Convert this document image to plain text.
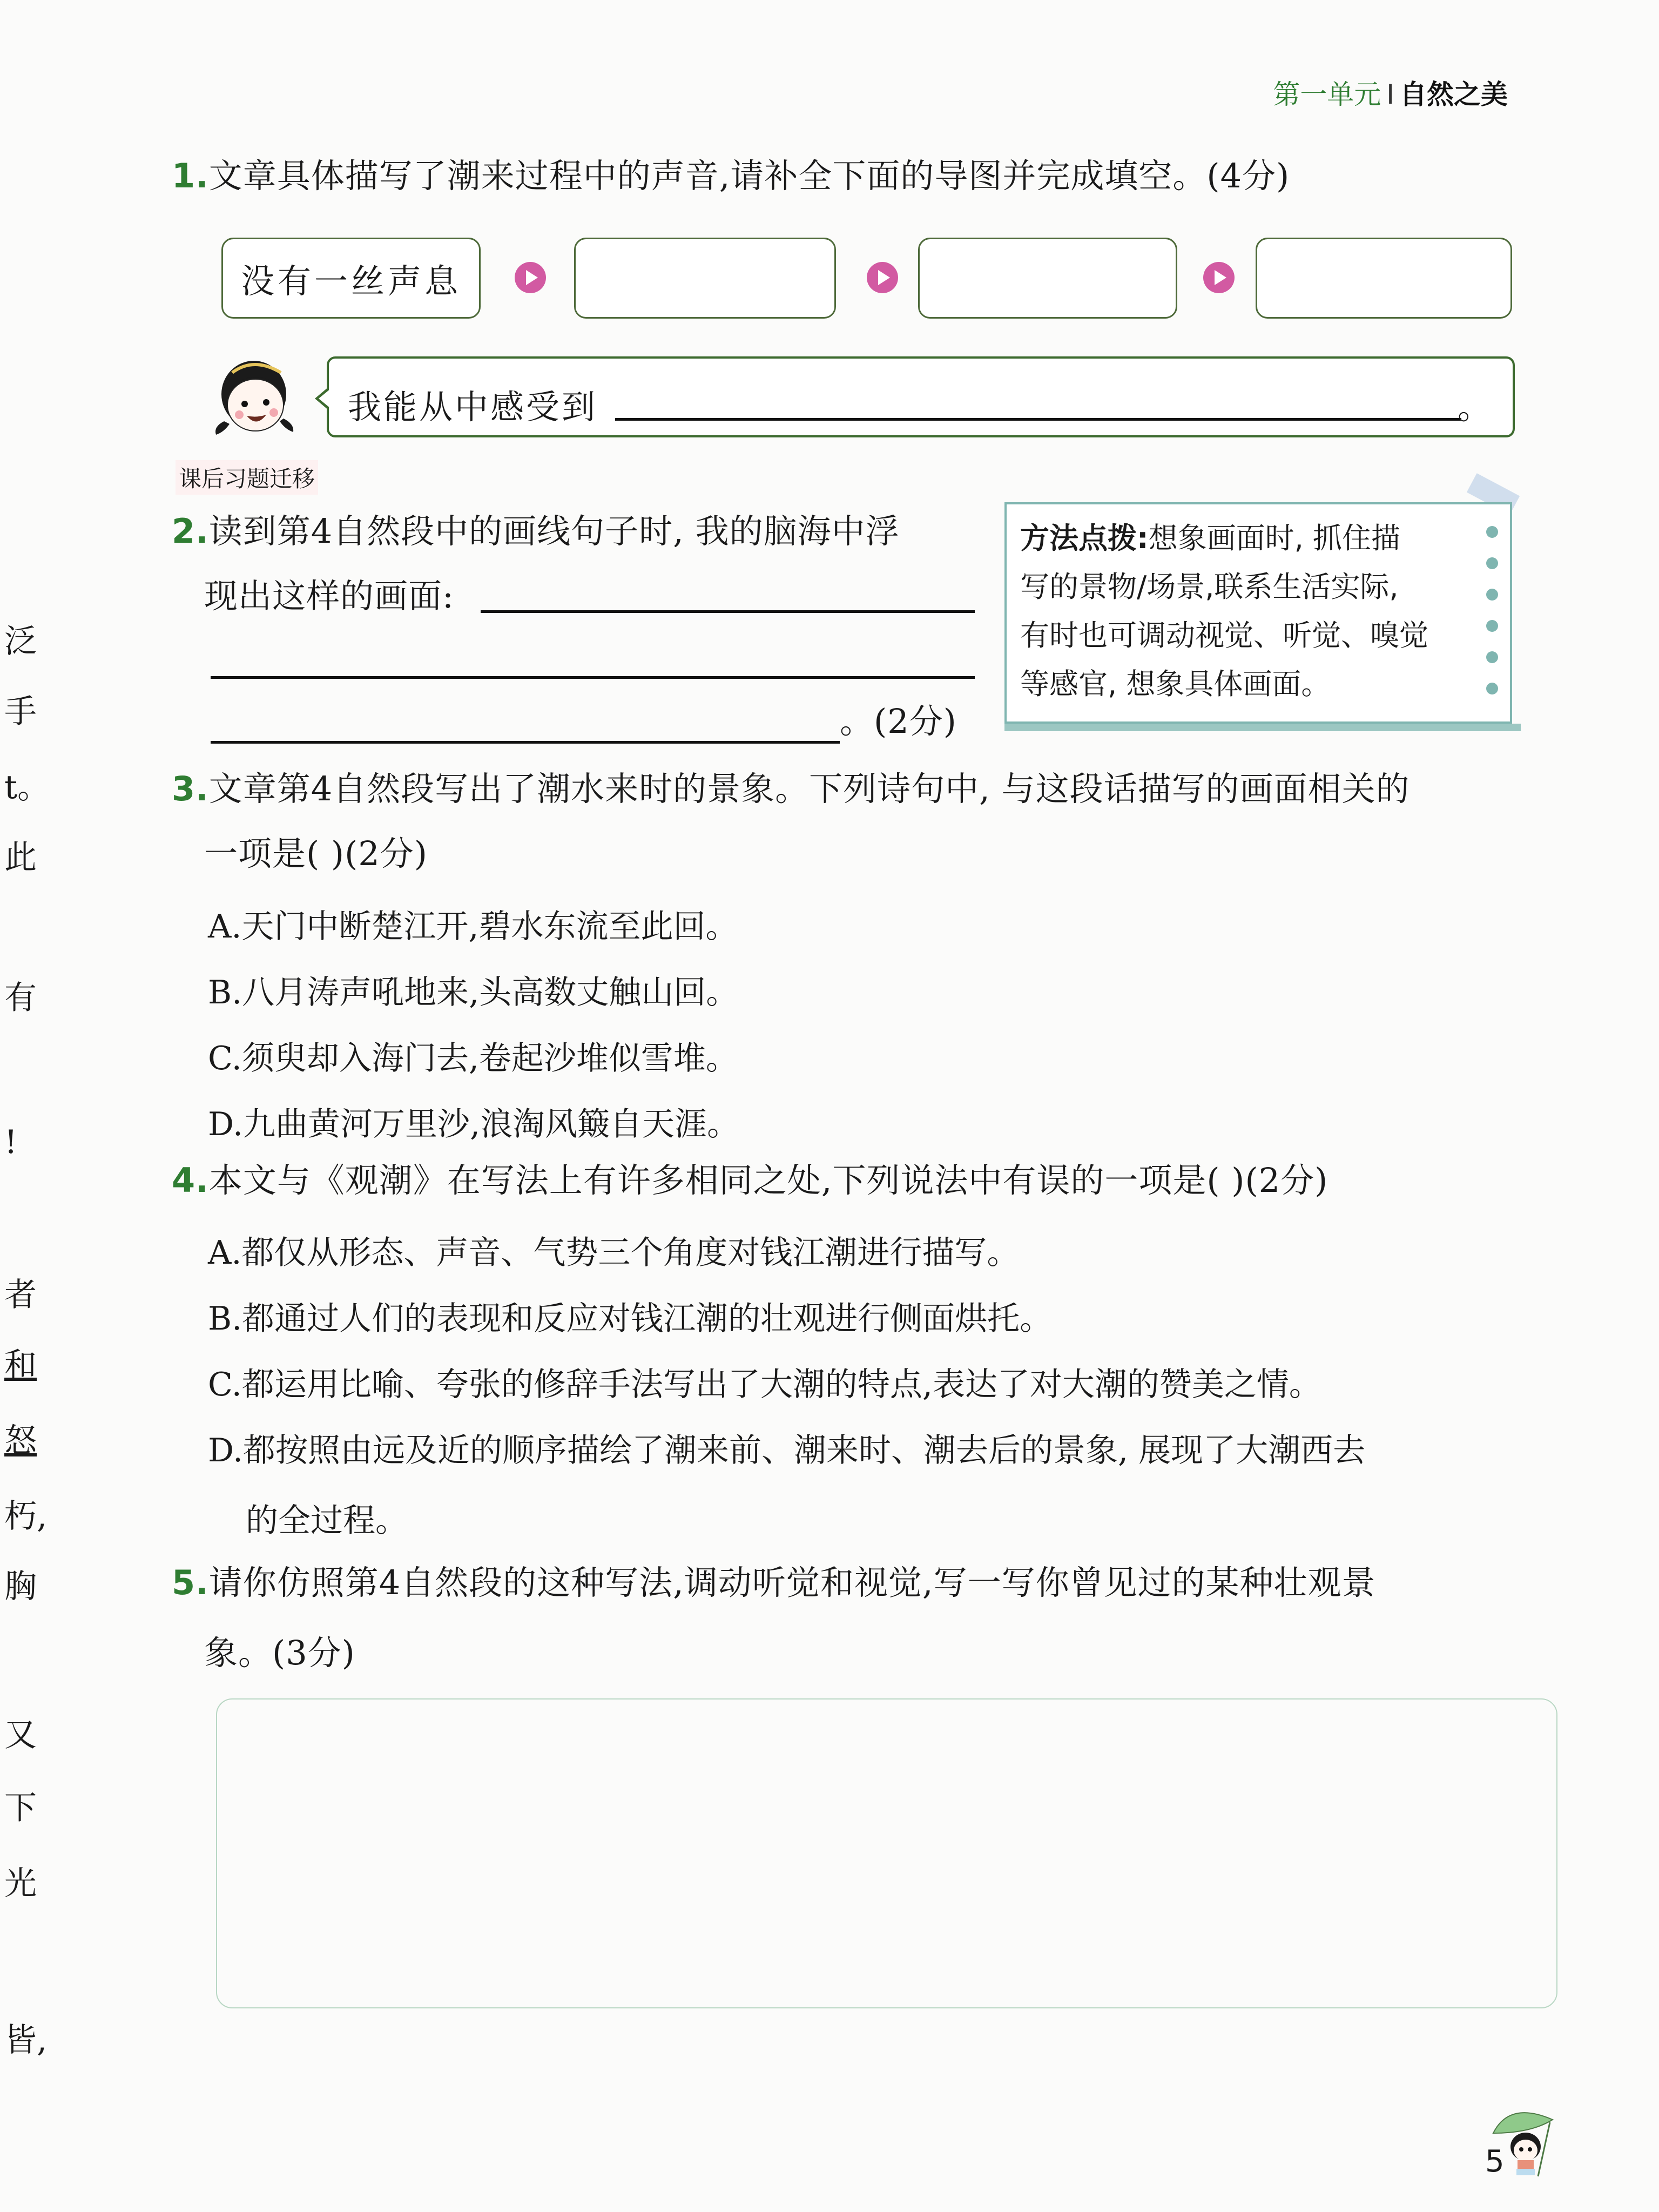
第一单元 I 自然之美
泛
手
t。
此
有
!
者
和
怒
朽,
胸
又
下
光
皆,
1.文章具体描写了潮来过程中的声音,请补全下面的导图并完成填空。(4分)
没有一丝声息
我能从中感受到	。
课后习题迁移
2.读到第4自然段中的画线句子时, 我的脑海中浮
现出这样的画面:
。(2分)
方法点拨:想象画面时, 抓住描
写的景物/场景,联系生活实际,
有时也可调动视觉、听觉、嗅觉
等感官, 想象具体画面。
3.文章第4自然段写出了潮水来时的景象。下列诗句中, 与这段话描写的画面相关的
一项是( )(2分)
A.天门中断楚江开,碧水东流至此回。
B.八月涛声吼地来,头高数丈触山回。
C.须臾却入海门去,卷起沙堆似雪堆。
D.九曲黄河万里沙,浪淘风簸自天涯。
4.本文与《观潮》在写法上有许多相同之处,下列说法中有误的一项是( )(2分)
A.都仅从形态、声音、气势三个角度对钱江潮进行描写。
B.都通过人们的表现和反应对钱江潮的壮观进行侧面烘托。
C.都运用比喻、夸张的修辞手法写出了大潮的特点,表达了对大潮的赞美之情。
D.都按照由远及近的顺序描绘了潮来前、潮来时、潮去后的景象, 展现了大潮西去
的全过程。
5.请你仿照第4自然段的这种写法,调动听觉和视觉,写一写你曾见过的某种壮观景
象。(3分)
5
